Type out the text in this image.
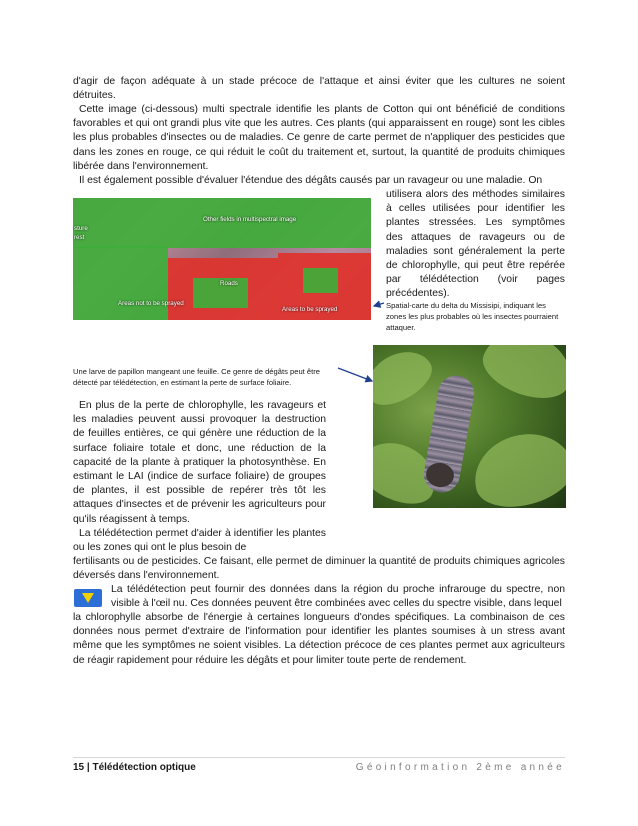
d'agir de façon adéquate à un stade précoce de l'attaque et ainsi éviter que les cultures ne soient détruites.

Cette image (ci-dessous) multi spectrale identifie les plants de Cotton qui ont bénéficié de conditions favorables et qui ont grandi plus vite que les autres. Ces plants (qui apparaissent en rouge) sont les cibles les plus probables d'insectes ou de maladies. Ce genre de carte permet de n'appliquer des pesticides que dans les zones en rouge, ce qui réduit le coût du traitement et, surtout, la quantité de produits chimiques libérée dans l'environnement.

Il est également possible d'évaluer l'étendue des dégâts causés par un ravageur ou une maladie. On

utilisera alors des méthodes similaires à celles utilisées pour identifier les plantes stressées. Les symptômes des attaques de ravageurs ou de maladies sont généralement la perte de chlorophylle, qui peut être repérée par télédétection (voir pages précédentes).

Other fields in multispectral image
sture
rest
Roads
Areas not to be sprayed
Areas to be sprayed	Spatial-carte du delta du Missisipi, indiquant les zones les plus probables où les insectes pourraient attaquer.

Une larve de papillon mangeant une feuille. Ce genre de dégâts peut être détecté par télédétection, en estimant la perte de surface foliaire.

En plus de la perte de chlorophylle, les ravageurs et les maladies peuvent aussi provoquer la destruction de feuilles entières, ce qui génère une réduction de la surface foliaire totale et donc, une réduction de la capacité de la plante à pratiquer la photosynthèse. En estimant le LAI (indice de surface foliaire) de groupes de plantes, il est possible de repérer très tôt les attaques d'insectes et de prévenir les agriculteurs pour qu'ils réagissent à temps.

La télédétection permet d'aider à identifier les plantes ou les zones qui ont le plus besoin de

fertilisants ou de pesticides. Ce faisant, elle permet de diminuer la quantité de produits chimiques agricoles déversés dans l'environnement.

La télédétection peut fournir des données dans la région du proche infrarouge du spectre, non visible à l'œil nu. Ces données peuvent être combinées avec celles du spectre visible, dans lequel

la chlorophylle absorbe de l'énergie à certaines longueurs d'ondes spécifiques. La combinaison de ces données nous permet d'extraire de l'information pour identifier les plantes soumises à un stress avant même que les symptômes ne soient visibles. La détection précoce de ces plantes permet aux agriculteurs de réagir rapidement pour réduire les dégâts et pour limiter toute perte de rendement.

15 | Télédétection optique	Géoinformation 2ème année
